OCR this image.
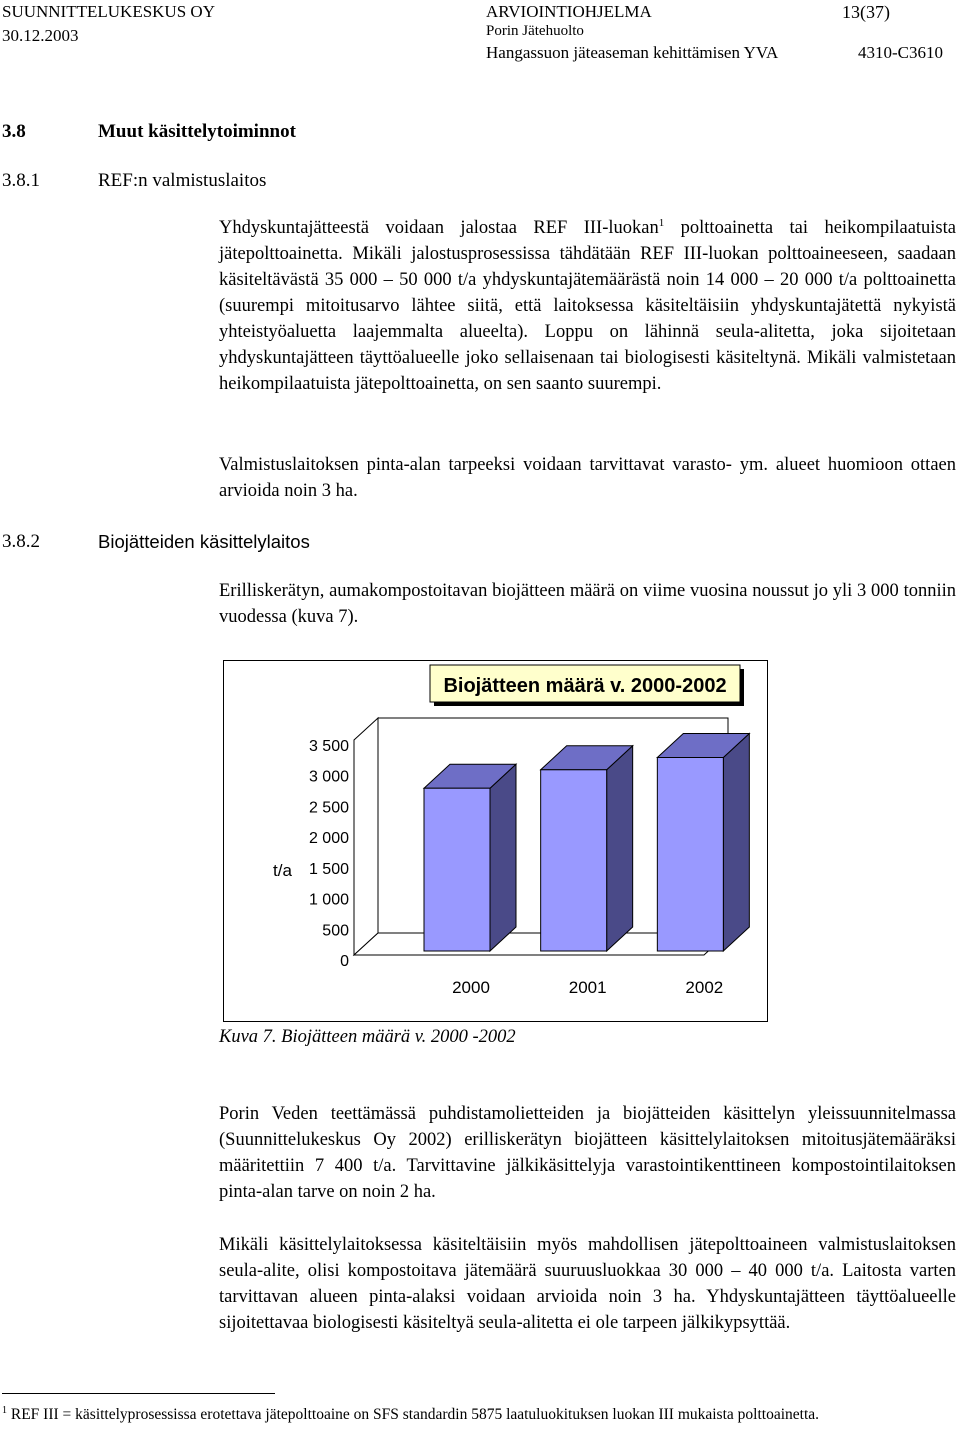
SUUNNITTELUKESKUS OY
30.12.2003
ARVIOINTIOHJELMA
Porin Jätehuolto
Hangassuon jäteaseman kehittämisen YVA
13(37)
4310-C3610
3.8	Muut käsittelytoiminnot
3.8.1	REF:n valmistuslaitos
3.8.2	Biojätteiden käsittelylaitos

Yhdyskuntajätteestä voidaan jalostaa REF III-luokan$^1$ polttoainetta tai heikompilaatuista jätepolttoainetta. Mikäli jalostusprosessissa tähdätään REF III-luokan polttoaineeseen, saadaan käsiteltävästä 35 000 – 50 000 t/a yhdyskuntajätemäärästä noin 14 000 – 20 000 t/a polttoainetta (suurempi mitoitusarvo lähtee siitä, että laitoksessa käsiteltäisiin yhdyskuntajätettä nykyistä yhteistyöaluetta laajemmalta alueelta). Loppu on lähinnä seula-alitetta, joka sijoitetaan yhdyskuntajätteen täyttöalueelle joko sellaisenaan tai biologisesti käsiteltynä. Mikäli valmistetaan heikompilaatuista jätepolttoainetta, on sen saanto suurempi.

Valmistuslaitoksen pinta-alan tarpeeksi voidaan tarvittavat varasto- ym. alueet huomioon ottaen arvioida noin 3 ha.

Erilliskerätyn, aumakompostoitavan biojätteen määrä on viime vuosina noussut jo yli 3 000 tonniin vuodessa (kuva 7).

Biojätteen määrä v. 2000-2002
t/a
0
500
1 000
1 500
2 000
2 500
3 000
3 500
2000	2001	2002
Kuva 7. Biojätteen määrä v. 2000 -2002

Porin Veden teettämässä puhdistamolietteiden ja biojätteiden käsittelyn yleissuunnitelmassa (Suunnittelukeskus Oy 2002) erilliskerätyn biojätteen käsittelylaitoksen mitoitusjätemääräksi määritettiin 7 400 t/a. Tarvittavine jälkikäsittelyja varastointikenttineen kompostointilaitoksen pinta-alan tarve on noin 2 ha.

Mikäli käsittelylaitoksessa käsiteltäisiin myös mahdollisen jätepolttoaineen valmistuslaitoksen seula-alite, olisi kompostoitava jätemäärä suuruusluokkaa 30 000 – 40 000 t/a. Laitosta varten tarvittavan alueen pinta-alaksi voidaan arvioida noin 3 ha. Yhdyskuntajätteen täyttöalueelle sijoitettavaa biologisesti käsiteltyä seula-alitetta ei ole tarpeen jälkikypsyttää.

$^1$ REF III = käsittelyprosessissa erotettava jätepolttoaine on SFS standardin 5875 laatuluokituksen luokan III mukaista polttoainetta.
